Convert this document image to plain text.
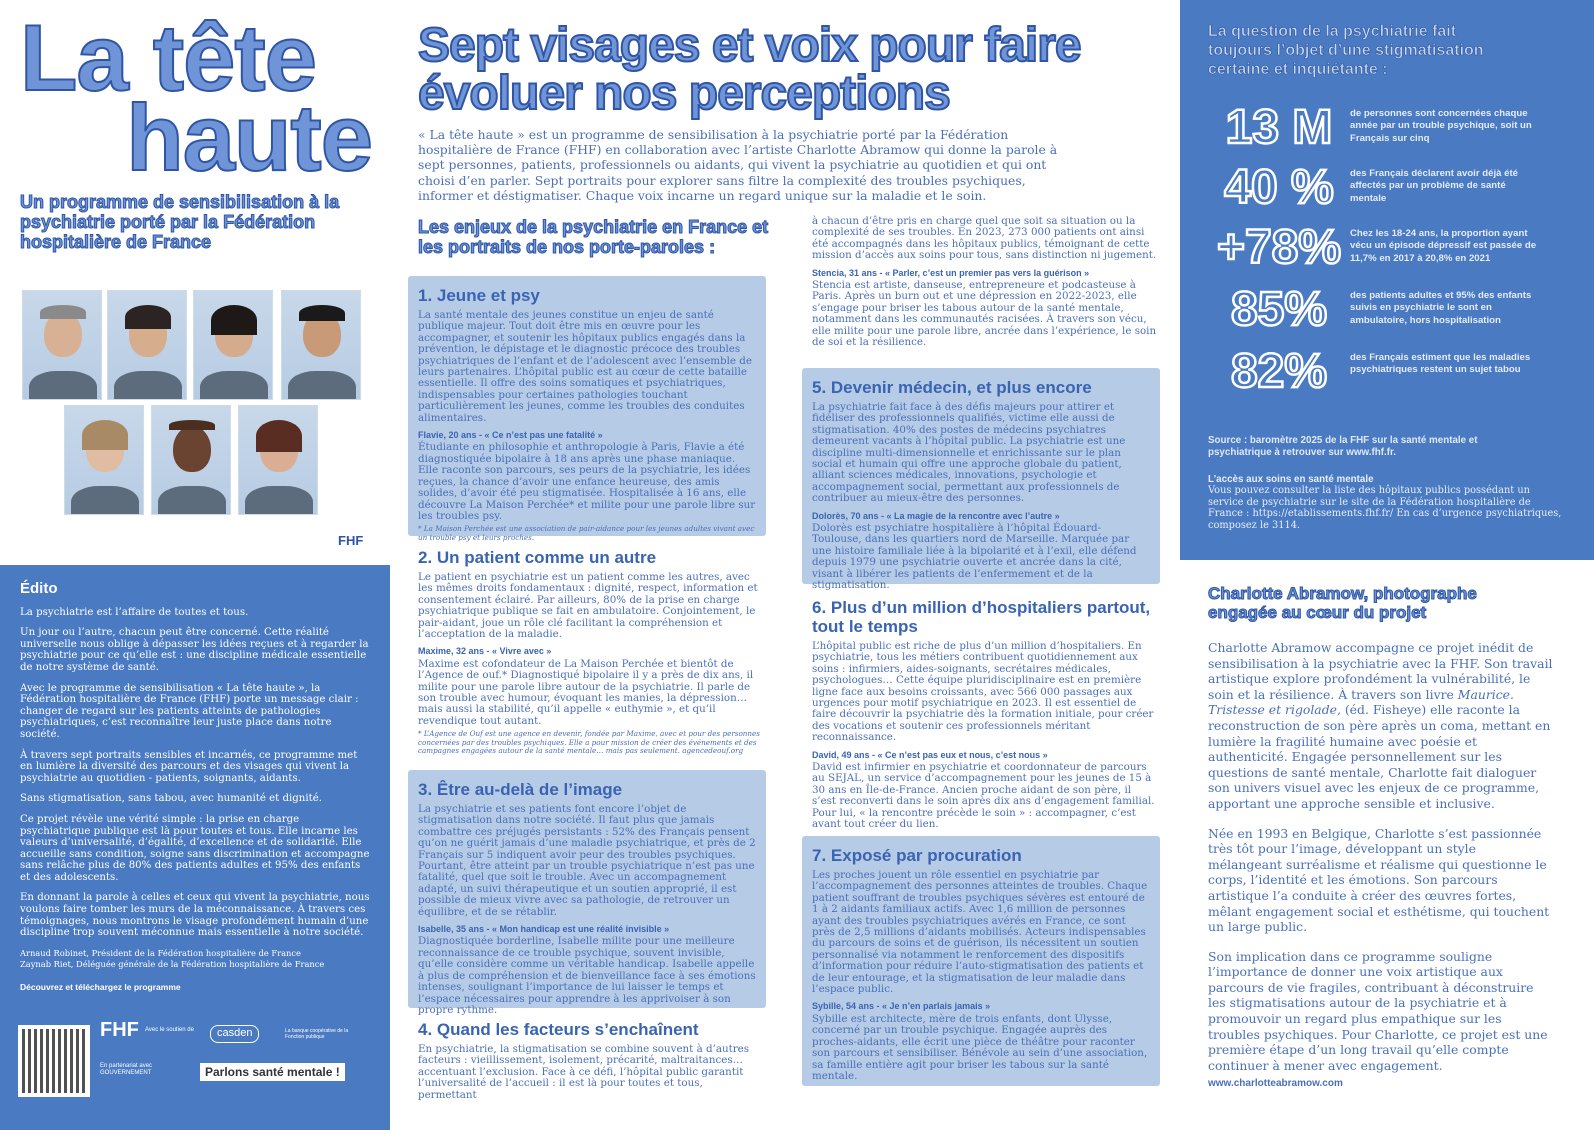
La tête
haute
Un programme de sensibilisation à la psychiatrie porté par la Fédération hospitalière de France
FHF
Édito

La psychiatrie est l’affaire de toutes et tous.

Un jour ou l’autre, chacun peut être concerné. Cette réalité universelle nous oblige à dépasser les idées reçues et à regarder la psychiatrie pour ce qu’elle est : une discipline médicale essentielle de notre système de santé.

Avec le programme de sensibilisation « La tête haute », la Fédération hospitalière de France (FHF) porte un message clair : changer de regard sur les patients atteints de pathologies psychiatriques, c’est reconnaître leur juste place dans notre société.

À travers sept portraits sensibles et incarnés, ce programme met en lumière la diversité des parcours et des visages qui vivent la psychiatrie au quotidien - patients, soignants, aidants.

Sans stigmatisation, sans tabou, avec humanité et dignité.

Ce projet révèle une vérité simple : la prise en charge psychiatrique publique est là pour toutes et tous. Elle incarne les valeurs d’universalité, d’égalité, d’excellence et de solidarité. Elle accueille sans condition, soigne sans discrimination et accompagne sans relâche plus de 80% des patients adultes et 95% des enfants et des adolescents.

En donnant la parole à celles et ceux qui vivent la psychiatrie, nous voulons faire tomber les murs de la méconnaissance. À travers ces témoignages, nous montrons le visage profondément humain d’une discipline trop souvent méconnue mais essentielle à notre société.

Arnaud Robinet, Président de la Fédération hospitalière de France
Zaynab Riet, Déléguée générale de la Fédération hospitalière de France
Découvrez et téléchargez le programme
FHF Avec le soutien de	casden	La banque coopérative de la Fonction publique
En partenariat avec GOUVERNEMENT	Parlons santé mentale !
Sept visages et voix pour faire évoluer nos perceptions
« La tête haute » est un programme de sensibilisation à la psychiatrie porté par la Fédération hospitalière de France (FHF) en collaboration avec l’artiste Charlotte Abramow qui donne la parole à sept personnes, patients, professionnels ou aidants, qui vivent la psychiatrie au quotidien et qui ont choisi d’en parler. Sept portraits pour explorer sans filtre la complexité des troubles psychiques, informer et déstigmatiser. Chaque voix incarne un regard unique sur la maladie et le soin.
Les enjeux de la psychiatrie en France et les portraits de nos porte-paroles :
1. Jeune et psy
La santé mentale des jeunes constitue un enjeu de santé publique majeur. Tout doit être mis en œuvre pour les accompagner, et soutenir les hôpitaux publics engagés dans la prévention, le dépistage et le diagnostic précoce des troubles psychiatriques de l’enfant et de l’adolescent avec l’ensemble de leurs partenaires. L’hôpital public est au cœur de cette bataille essentielle. Il offre des soins somatiques et psychiatriques, indispensables pour certaines pathologies touchant particulièrement les jeunes, comme les troubles des conduites alimentaires.
Flavie, 20 ans - « Ce n’est pas une fatalité »
Étudiante en philosophie et anthropologie à Paris, Flavie a été diagnostiquée bipolaire à 18 ans après une phase maniaque. Elle raconte son parcours, ses peurs de la psychiatrie, les idées reçues, la chance d’avoir une enfance heureuse, des amis solides, d’avoir été peu stigmatisée. Hospitalisée à 16 ans, elle découvre La Maison Perchée* et milite pour une parole libre sur les troubles psy.
* La Maison Perchée est une association de pair-aidance pour les jeunes adultes vivant avec un trouble psy et leurs proches.
2. Un patient comme un autre
Le patient en psychiatrie est un patient comme les autres, avec les mêmes droits fondamentaux : dignité, respect, information et consentement éclairé. Par ailleurs, 80% de la prise en charge psychiatrique publique se fait en ambulatoire. Conjointement, le pair-aidant, joue un rôle clé facilitant la compréhension et l’acceptation de la maladie.
Maxime, 32 ans - « Vivre avec »
Maxime est cofondateur de La Maison Perchée et bientôt de l’Agence de ouf.* Diagnostiqué bipolaire il y a près de dix ans, il milite pour une parole libre autour de la psychiatrie. Il parle de son trouble avec humour, évoquant les manies, la dépression… mais aussi la stabilité, qu’il appelle « euthymie », et qu’il revendique tout autant.
* L’Agence de Ouf est une agence en devenir, fondée par Maxime, avec et pour des personnes concernées par des troubles psychiques. Elle a pour mission de créer des événements et des campagnes engagées autour de la santé mentale… mais pas seulement. agencedeouf.org
3. Être au-delà de l’image
La psychiatrie et ses patients font encore l’objet de stigmatisation dans notre société. Il faut plus que jamais combattre ces préjugés persistants : 52% des Français pensent qu’on ne guérit jamais d’une maladie psychiatrique, et près de 2 Français sur 5 indiquent avoir peur des troubles psychiques. Pourtant, être atteint par un trouble psychiatrique n’est pas une fatalité, quel que soit le trouble. Avec un accompagnement adapté, un suivi thérapeutique et un soutien approprié, il est possible de mieux vivre avec sa pathologie, de retrouver un équilibre, et de se rétablir.
Isabelle, 35 ans - « Mon handicap est une réalité invisible »
Diagnostiquée borderline, Isabelle milite pour une meilleure reconnaissance de ce trouble psychique, souvent invisible, qu’elle considère comme un véritable handicap. Isabelle appelle à plus de compréhension et de bienveillance face à ses émotions intenses, soulignant l’importance de lui laisser le temps et l’espace nécessaires pour apprendre à les apprivoiser à son propre rythme.
4. Quand les facteurs s’enchaînent
En psychiatrie, la stigmatisation se combine souvent à d’autres facteurs : vieillissement, isolement, précarité, maltraitances… accentuant l’exclusion. Face à ce défi, l’hôpital public garantit l’universalité de l’accueil : il est là pour toutes et tous, permettant
à chacun d’être pris en charge quel que soit sa situation ou la complexité de ses troubles. En 2023, 273 000 patients ont ainsi été accompagnés dans les hôpitaux publics, témoignant de cette mission d’accès aux soins pour tous, sans distinction ni jugement.
Stencia, 31 ans - « Parler, c’est un premier pas vers la guérison »
Stencia est artiste, danseuse, entrepreneure et podcasteuse à Paris. Après un burn out et une dépression en 2022-2023, elle s’engage pour briser les tabous autour de la santé mentale, notamment dans les communautés racisées. À travers son vécu, elle milite pour une parole libre, ancrée dans l’expérience, le soin de soi et la résilience.
5. Devenir médecin, et plus encore
La psychiatrie fait face à des défis majeurs pour attirer et fidéliser des professionnels qualifiés, victime elle aussi de stigmatisation. 40% des postes de médecins psychiatres demeurent vacants à l’hôpital public. La psychiatrie est une discipline multi-dimensionnelle et enrichissante sur le plan social et humain qui offre une approche globale du patient, alliant sciences médicales, innovations, psychologie et accompagnement social, permettant aux professionnels de contribuer au mieux-être des personnes.
Dolorès, 70 ans - « La magie de la rencontre avec l’autre »
Dolorès est psychiatre hospitalière à l’hôpital Édouard-Toulouse, dans les quartiers nord de Marseille. Marquée par une histoire familiale liée à la bipolarité et à l’exil, elle défend depuis 1979 une psychiatrie ouverte et ancrée dans la cité, visant à libérer les patients de l’enfermement et de la stigmatisation.
6. Plus d’un million d’hospitaliers partout, tout le temps
L’hôpital public est riche de plus d’un million d’hospitaliers. En psychiatrie, tous les métiers contribuent quotidiennement aux soins : infirmiers, aides-soignants, secrétaires médicales, psychologues… Cette équipe pluridisciplinaire est en première ligne face aux besoins croissants, avec 566 000 passages aux urgences pour motif psychiatrique en 2023. Il est essentiel de faire découvrir la psychiatrie dès la formation initiale, pour créer des vocations et soutenir ces professionnels méritant reconnaissance.
David, 49 ans - « Ce n’est pas eux et nous, c’est nous »
David est infirmier en psychiatrie et coordonnateur de parcours au SEJAL, un service d’accompagnement pour les jeunes de 15 à 30 ans en Île-de-France. Ancien proche aidant de son père, il s’est reconverti dans le soin après dix ans d’engagement familial. Pour lui, « la rencontre précède le soin » : accompagner, c’est avant tout créer du lien.
7. Exposé par procuration
Les proches jouent un rôle essentiel en psychiatrie par l’accompagnement des personnes atteintes de troubles. Chaque patient souffrant de troubles psychiques sévères est entouré de 1 à 2 aidants familiaux actifs. Avec 1,6 million de personnes ayant des troubles psychiatriques avérés en France, ce sont près de 2,5 millions d’aidants mobilisés. Acteurs indispensables du parcours de soins et de guérison, ils nécessitent un soutien personnalisé via notamment le renforcement des dispositifs d’information pour réduire l’auto-stigmatisation des patients et de leur entourage, et la stigmatisation de leur maladie dans l’espace public.
Sybille, 54 ans - « Je n’en parlais jamais »
Sybille est architecte, mère de trois enfants, dont Ulysse, concerné par un trouble psychique. Engagée auprès des proches-aidants, elle écrit une pièce de théâtre pour raconter son parcours et sensibiliser. Bénévole au sein d’une association, sa famille entière agit pour briser les tabous sur la santé mentale.
La question de la psychiatrie fait toujours l’objet d’une stigmatisation certaine et inquiétante :
13 M	de personnes sont concernées chaque année par un trouble psychique, soit un Français sur cinq
40 %	des Français déclarent avoir déjà été affectés par un problème de santé mentale
+78% Chez les 18-24 ans, la proportion ayant vécu un épisode dépressif est passée de 11,7% en 2017 à 20,8% en 2021
85%	des patients adultes et 95% des enfants suivis en psychiatrie le sont en ambulatoire, hors hospitalisation
82%	des Français estiment que les maladies psychiatriques restent un sujet tabou
Source : baromètre 2025 de la FHF sur la santé mentale et psychiatrique à retrouver sur www.fhf.fr.
L’accès aux soins en santé mentale
Vous pouvez consulter la liste des hôpitaux publics possédant un service de psychiatrie sur le site de la Fédération hospitalière de France : https://etablissements.fhf.fr/ En cas d’urgence psychiatriques, composez le 3114.
Charlotte Abramow, photographe engagée au cœur du projet

Charlotte Abramow accompagne ce projet inédit de sensibilisation à la psychiatrie avec la FHF. Son travail artistique explore profondément la vulnérabilité, le soin et la résilience. À travers son livre Maurice. Tristesse et rigolade, (éd. Fisheye) elle raconte la reconstruction de son père après un coma, mettant en lumière la fragilité humaine avec poésie et authenticité. Engagée personnellement sur les questions de santé mentale, Charlotte fait dialoguer son univers visuel avec les enjeux de ce programme, apportant une approche sensible et inclusive.

Née en 1993 en Belgique, Charlotte s’est passionnée très tôt pour l’image, développant un style mélangeant surréalisme et réalisme qui questionne le corps, l’identité et les émotions. Son parcours artistique l’a conduite à créer des œuvres fortes, mêlant engagement social et esthétisme, qui touchent un large public.

Son implication dans ce programme souligne l’importance de donner une voix artistique aux parcours de vie fragiles, contribuant à déconstruire les stigmatisations autour de la psychiatrie et à promouvoir un regard plus empathique sur les troubles psychiques. Pour Charlotte, ce projet est une première étape d’un long travail qu’elle compte continuer à mener avec engagement.

www.charlotteabramow.com
